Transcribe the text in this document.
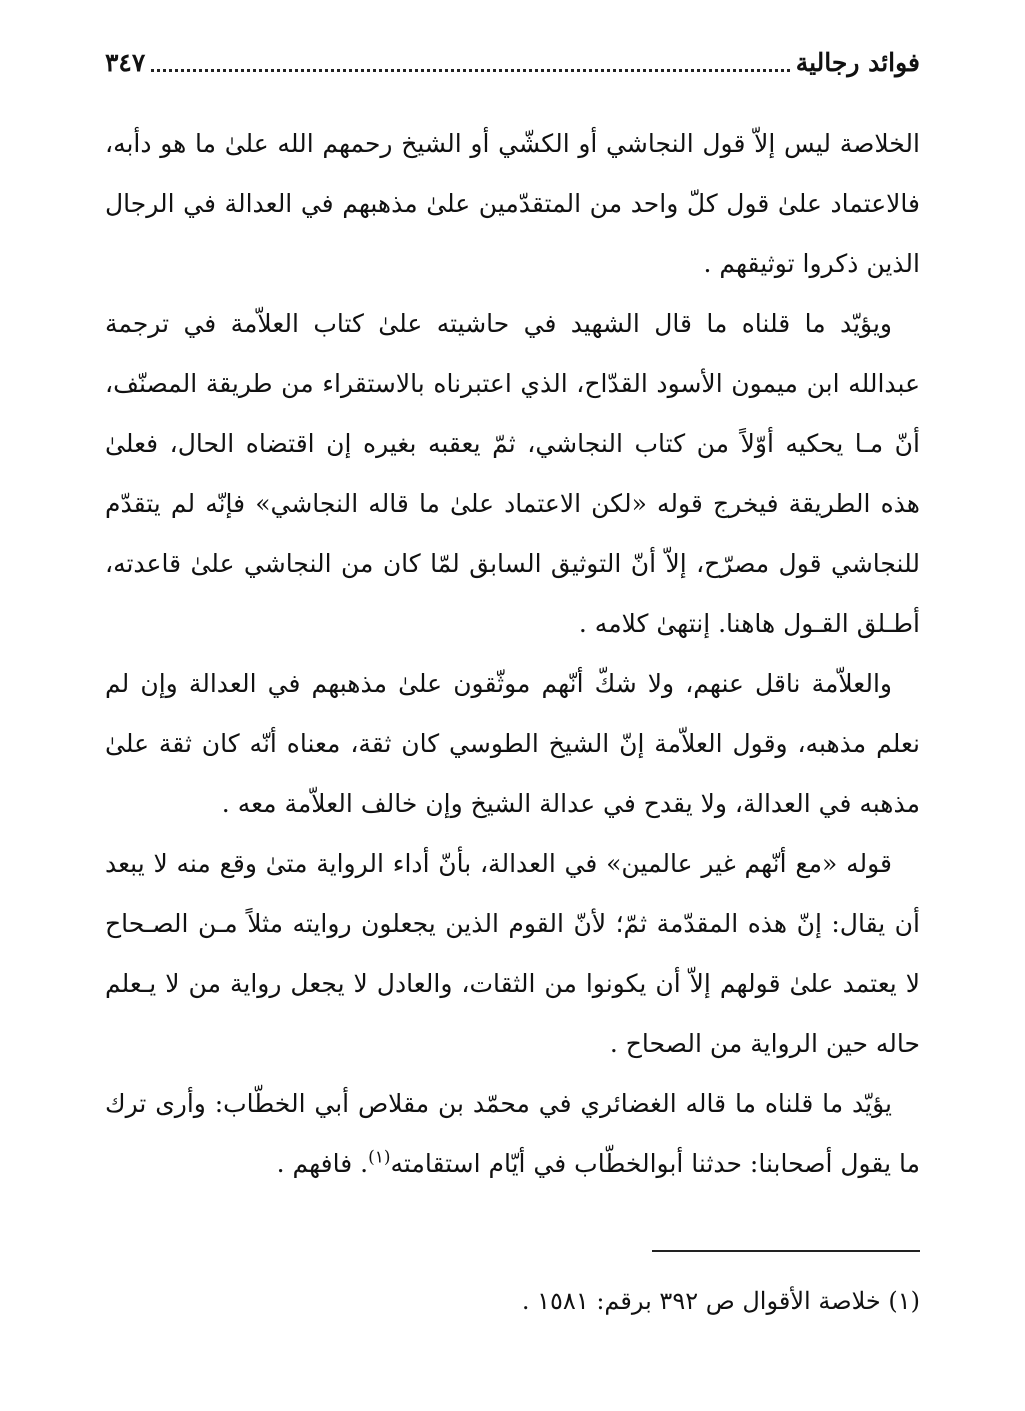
فوائد رجالية
٣٤٧

الخلاصة ليس إلاّ قول النجاشي أو الكشّي أو الشيخ رحمهم الله علىٰ ما هو دأبه، فالاعتماد علىٰ قول كلّ واحد من المتقدّمين علىٰ مذهبهم في العدالة في الرجال الذين ذكروا توثيقهم .

ويؤيّد ما قلناه ما قال الشهيد في حاشيته علىٰ كتاب العلاّمة في ترجمة عبدالله ابن ميمون الأسود القدّاح، الذي اعتبرناه بالاستقراء من طريقة المصنّف، أنّ مـا يحكيه أوّلاً من كتاب النجاشي، ثمّ يعقبه بغيره إن اقتضاه الحال، فعلىٰ هذه الطريقة فيخرج قوله «لكن الاعتماد علىٰ ما قاله النجاشي» فإنّه لم يتقدّم للنجاشي قول مصرّح، إلاّ أنّ التوثيق السابق لمّا كان من النجاشي علىٰ قاعدته، أطـلق القـول هاهنا. إنتهىٰ كلامه .

والعلاّمة ناقل عنهم، ولا شكّ أنّهم موثّقون علىٰ مذهبهم في العدالة وإن لم نعلم مذهبه، وقول العلاّمة إنّ الشيخ الطوسي كان ثقة، معناه أنّه كان ثقة علىٰ مذهبه في العدالة، ولا يقدح في عدالة الشيخ وإن خالف العلاّمة معه .

قوله «مع أنّهم غير عالمين» في العدالة، بأنّ أداء الرواية متىٰ وقع منه لا يبعد أن يقال: إنّ هذه المقدّمة ثمّ؛ لأنّ القوم الذين يجعلون روايته مثلاً مـن الصـحاح لا يعتمد علىٰ قولهم إلاّ أن يكونوا من الثقات، والعادل لا يجعل رواية من لا يـعلم حاله حين الرواية من الصحاح .

يؤيّد ما قلناه ما قاله الغضائري في محمّد بن مقلاص أبي الخطّاب: وأرى ترك ما يقول أصحابنا: حدثنا أبوالخطّاب في أيّام استقامته$^{(١)}$. فافهم .

(١) خلاصة الأقوال ص ٣٩٢ برقم: ١٥٨١ .
